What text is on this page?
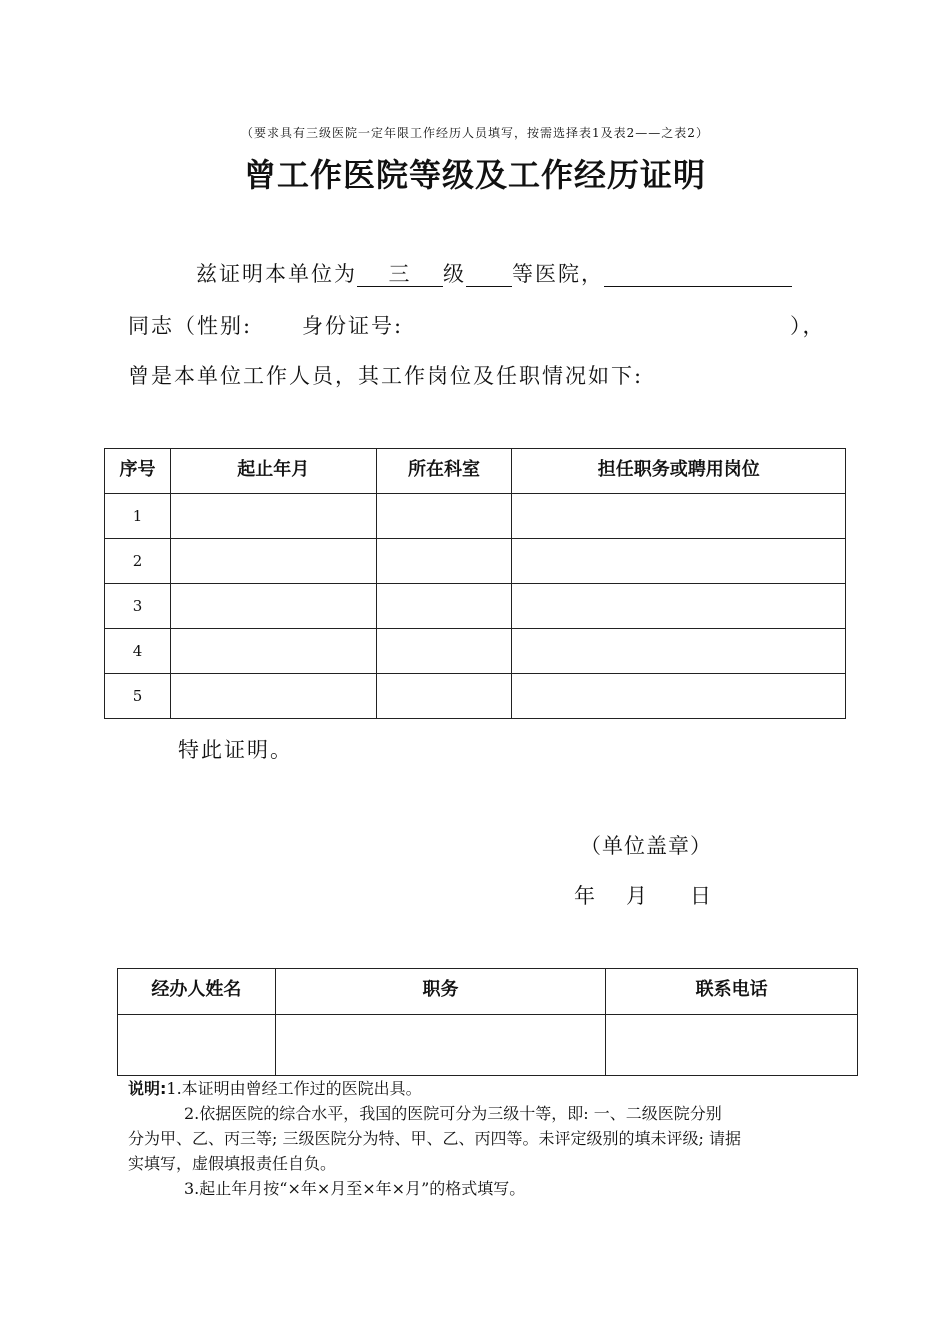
（要求具有三级医院一定年限工作经历人员填写，按需选择表1及表2——之表2）
曾工作医院等级及工作经历证明
兹证明本单位为 三 级 等医院，
同志（性别: 身份证号:	），
曾是本单位工作人员，其工作岗位及任职情况如下:
序号	起止年月	所在科室	担任职务或聘用岗位
1			
2			
3			
4			
5			
特此证明。
（单位盖章）
年 月 日
经办人姓名	职务	联系电话

说明:1.本证明由曾经工作过的医院出具。
2.依据医院的综合水平，我国的医院可分为三级十等，即: 一、二级医院分别
分为甲、乙、丙三等; 三级医院分为特、甲、乙、丙四等。未评定级别的填未评级; 请据
实填写，虚假填报责任自负。
3.起止年月按“×年×月至×年×月”的格式填写。
